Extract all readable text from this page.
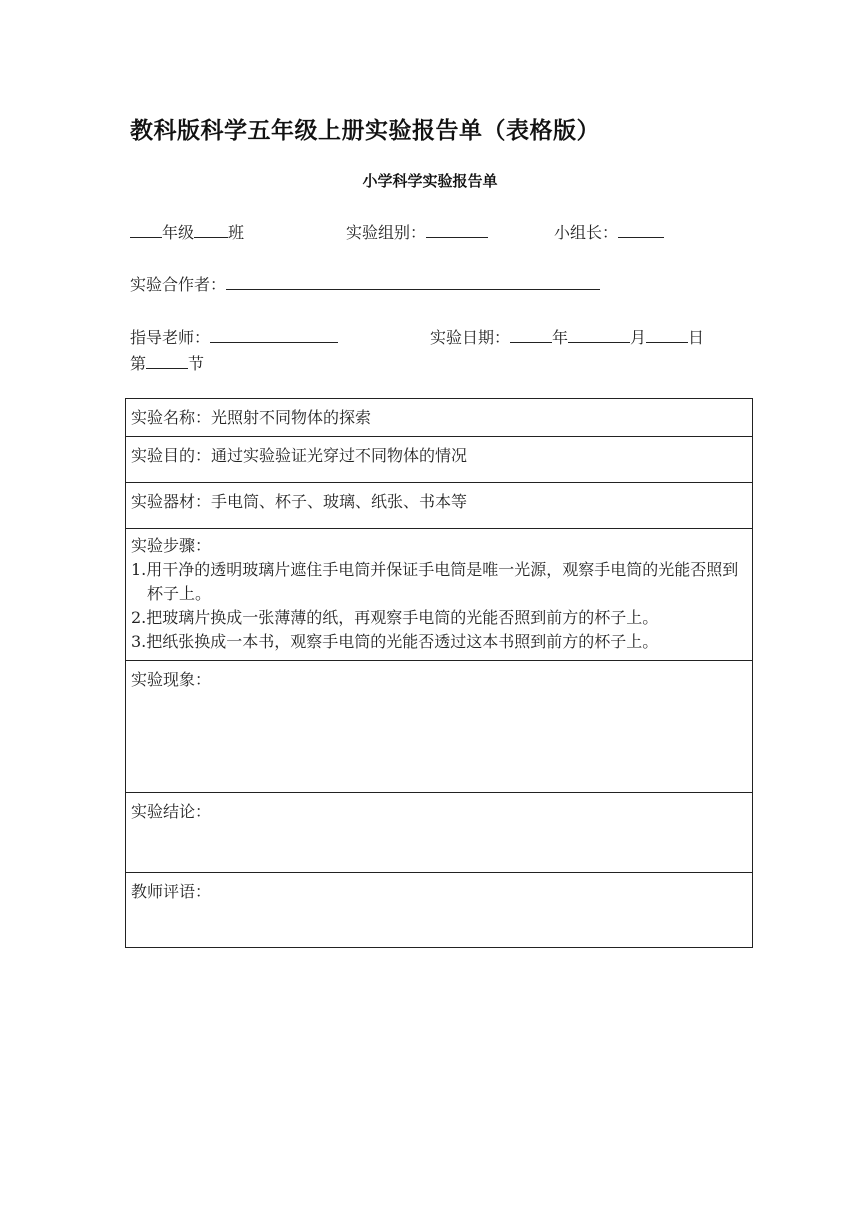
教科版科学五年级上册实验报告单（表格版）
小学科学实验报告单
年级 班	实验组别：	小组长：
实验合作者：
指导老师：	实验日期：	年	月	日
第	节
实验名称：光照射不同物体的探索
实验目的：通过实验验证光穿过不同物体的情况
实验器材：手电筒、杯子、玻璃、纸张、书本等

实验步骤：
1.用干净的透明玻璃片遮住手电筒并保证手电筒是唯一光源，观察手电筒的光能否照到杯子上。
2.把玻璃片换成一张薄薄的纸，再观察手电筒的光能否照到前方的杯子上。
3.把纸张换成一本书，观察手电筒的光能否透过这本书照到前方的杯子上。

实验现象：

实验结论：

教师评语：
